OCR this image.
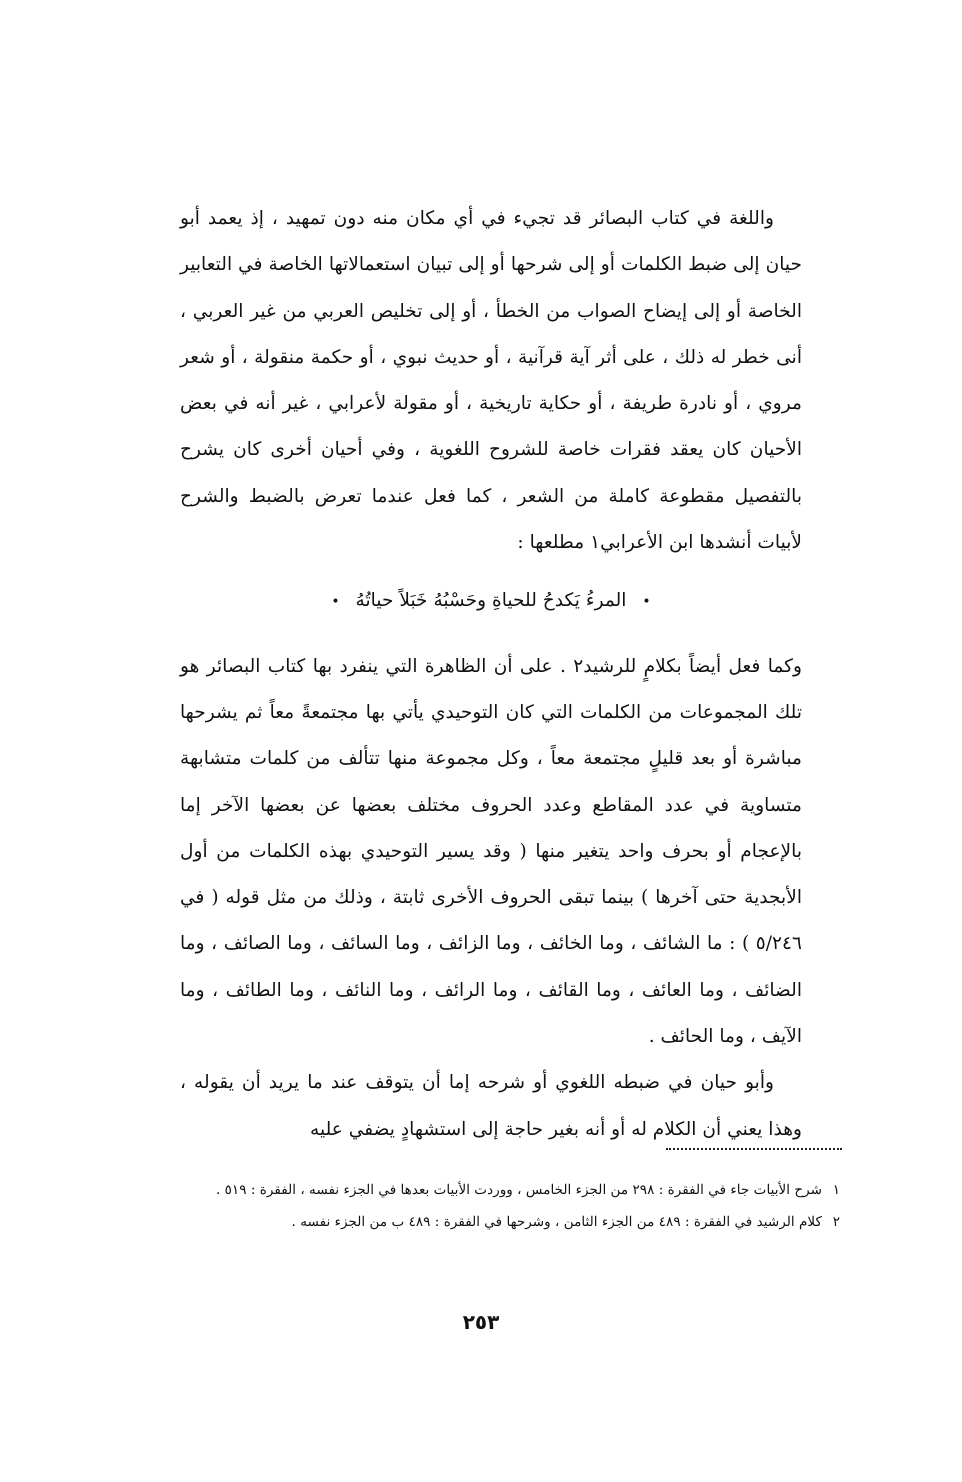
واللغة في كتاب البصائر قد تجيء في أي مكان منه دون تمهيد ، إذ يعمد أبو حيان إلى ضبط الكلمات أو إلى شرحها أو إلى تبيان استعمالاتها الخاصة في التعابير الخاصة أو إلى إيضاح الصواب من الخطأ ، أو إلى تخليص العربي من غير العربي ، أنى خطر له ذلك ، على أثر آية قرآنية ، أو حديث نبوي ، أو حكمة منقولة ، أو شعر مروي ، أو نادرة طريفة ، أو حكاية تاريخية ، أو مقولة لأعرابي ، غير أنه في بعض الأحيان كان يعقد فقرات خاصة للشروح اللغوية ، وفي أحيان أخرى كان يشرح بالتفصيل مقطوعة كاملة من الشعر ، كما فعل عندما تعرض بالضبط والشرح لأبيات أنشدها ابن الأعرابي١ مطلعها :

• المرءُ يَكدحُ للحياةِ وحَسْبُهُ خَبَلاً حياتُهُ •

وكما فعل أيضاً بكلامٍ للرشيد٢ . على أن الظاهرة التي ينفرد بها كتاب البصائر هو تلك المجموعات من الكلمات التي كان التوحيدي يأتي بها مجتمعةً معاً ثم يشرحها مباشرة أو بعد قليلٍ مجتمعة معاً ، وكل مجموعة منها تتألف من كلمات متشابهة متساوية في عدد المقاطع وعدد الحروف مختلف بعضها عن بعضها الآخر إما بالإعجام أو بحرف واحد يتغير منها ( وقد يسير التوحيدي بهذه الكلمات من أول الأبجدية حتى آخرها ) بينما تبقى الحروف الأخرى ثابتة ، وذلك من مثل قوله ( في ٥/٢٤٦ ) : ما الشائف ، وما الخائف ، وما الزائف ، وما السائف ، وما الصائف ، وما الضائف ، وما العائف ، وما القائف ، وما الرائف ، وما النائف ، وما الطائف ، وما الآيف ، وما الحائف .

وأبو حيان في ضبطه اللغوي أو شرحه إما أن يتوقف عند ما يريد أن يقوله ، وهذا يعني أن الكلام له أو أنه بغير حاجة إلى استشهادٍ يضفي عليه

١
شرح الأبيات جاء في الفقرة : ٢٩٨ من الجزء الخامس ، ووردت الأبيات بعدها في الجزء نفسه ، الفقرة : ٥١٩ .

٢
كلام الرشيد في الفقرة : ٤٨٩ من الجزء الثامن ، وشرحها في الفقرة : ٤٨٩ ب من الجزء نفسه .

٢٥٣
